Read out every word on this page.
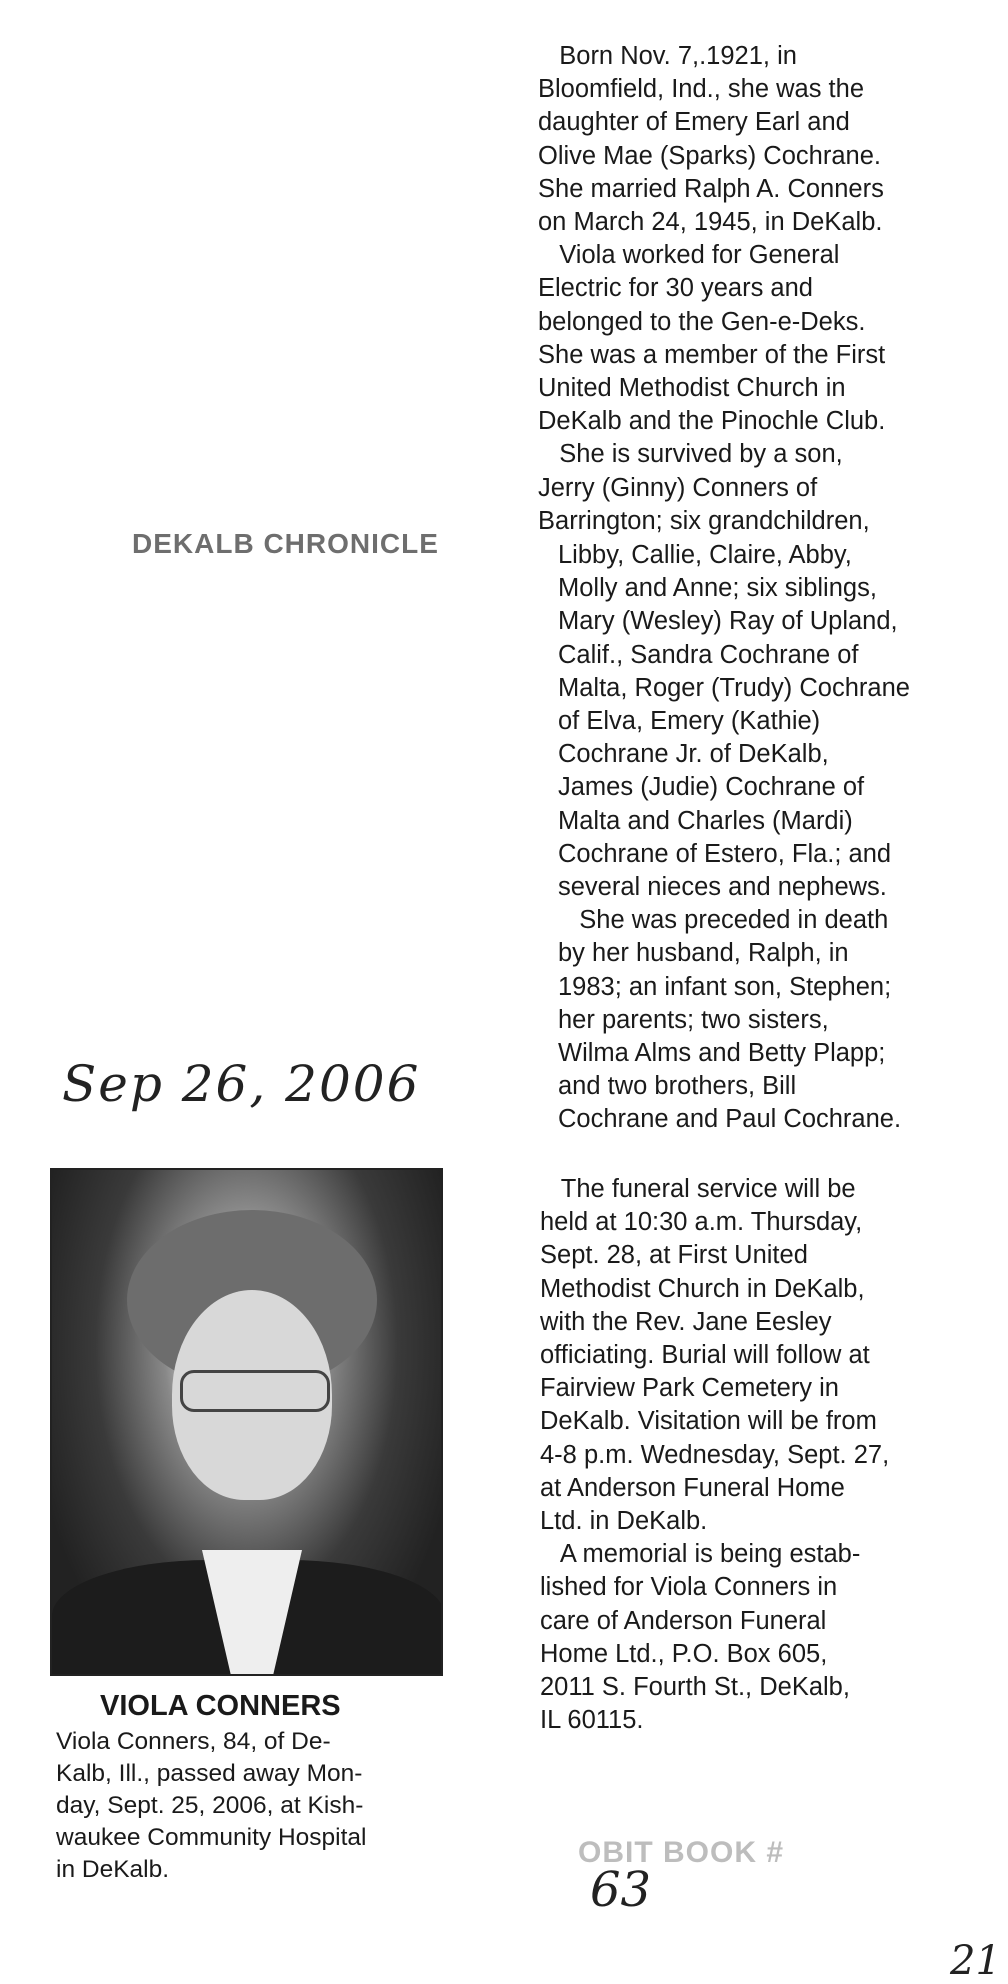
DEKALB CHRONICLE
Sep 26, 2006
VIOLA CONNERS
Viola Conners, 84, of De-
Kalb, Ill., passed away Mon-
day, Sept. 25, 2006, at Kish-
waukee Community Hospital
in DeKalb.
Born Nov. 7,.1921, in
Bloomfield, Ind., she was the
daughter of Emery Earl and
Olive Mae (Sparks) Cochrane.
She married Ralph A. Conners
on March 24, 1945, in DeKalb.
Viola worked for General
Electric for 30 years and
belonged to the Gen-e-Deks.
She was a member of the First
United Methodist Church in
DeKalb and the Pinochle Club.
She is survived by a son,
Jerry (Ginny) Conners of
Barrington; six grandchildren,
Libby, Callie, Claire, Abby,
Molly and Anne; six siblings,
Mary (Wesley) Ray of Upland,
Calif., Sandra Cochrane of
Malta, Roger (Trudy) Cochrane
of Elva, Emery (Kathie)
Cochrane Jr. of DeKalb,
James (Judie) Cochrane of
Malta and Charles (Mardi)
Cochrane of Estero, Fla.; and
several nieces and nephews.
She was preceded in death
by her husband, Ralph, in
1983; an infant son, Stephen;
her parents; two sisters,
Wilma Alms and Betty Plapp;
and two brothers, Bill
Cochrane and Paul Cochrane.
The funeral service will be
held at 10:30 a.m. Thursday,
Sept. 28, at First United
Methodist Church in DeKalb,
with the Rev. Jane Eesley
officiating. Burial will follow at
Fairview Park Cemetery in
DeKalb. Visitation will be from
4-8 p.m. Wednesday, Sept. 27,
at Anderson Funeral Home
Ltd. in DeKalb.
A memorial is being estab-
lished for Viola Conners in
care of Anderson Funeral
Home Ltd., P.O. Box 605,
2011 S. Fourth St., DeKalb,
IL 60115.
OBIT BOOK #
63
21
